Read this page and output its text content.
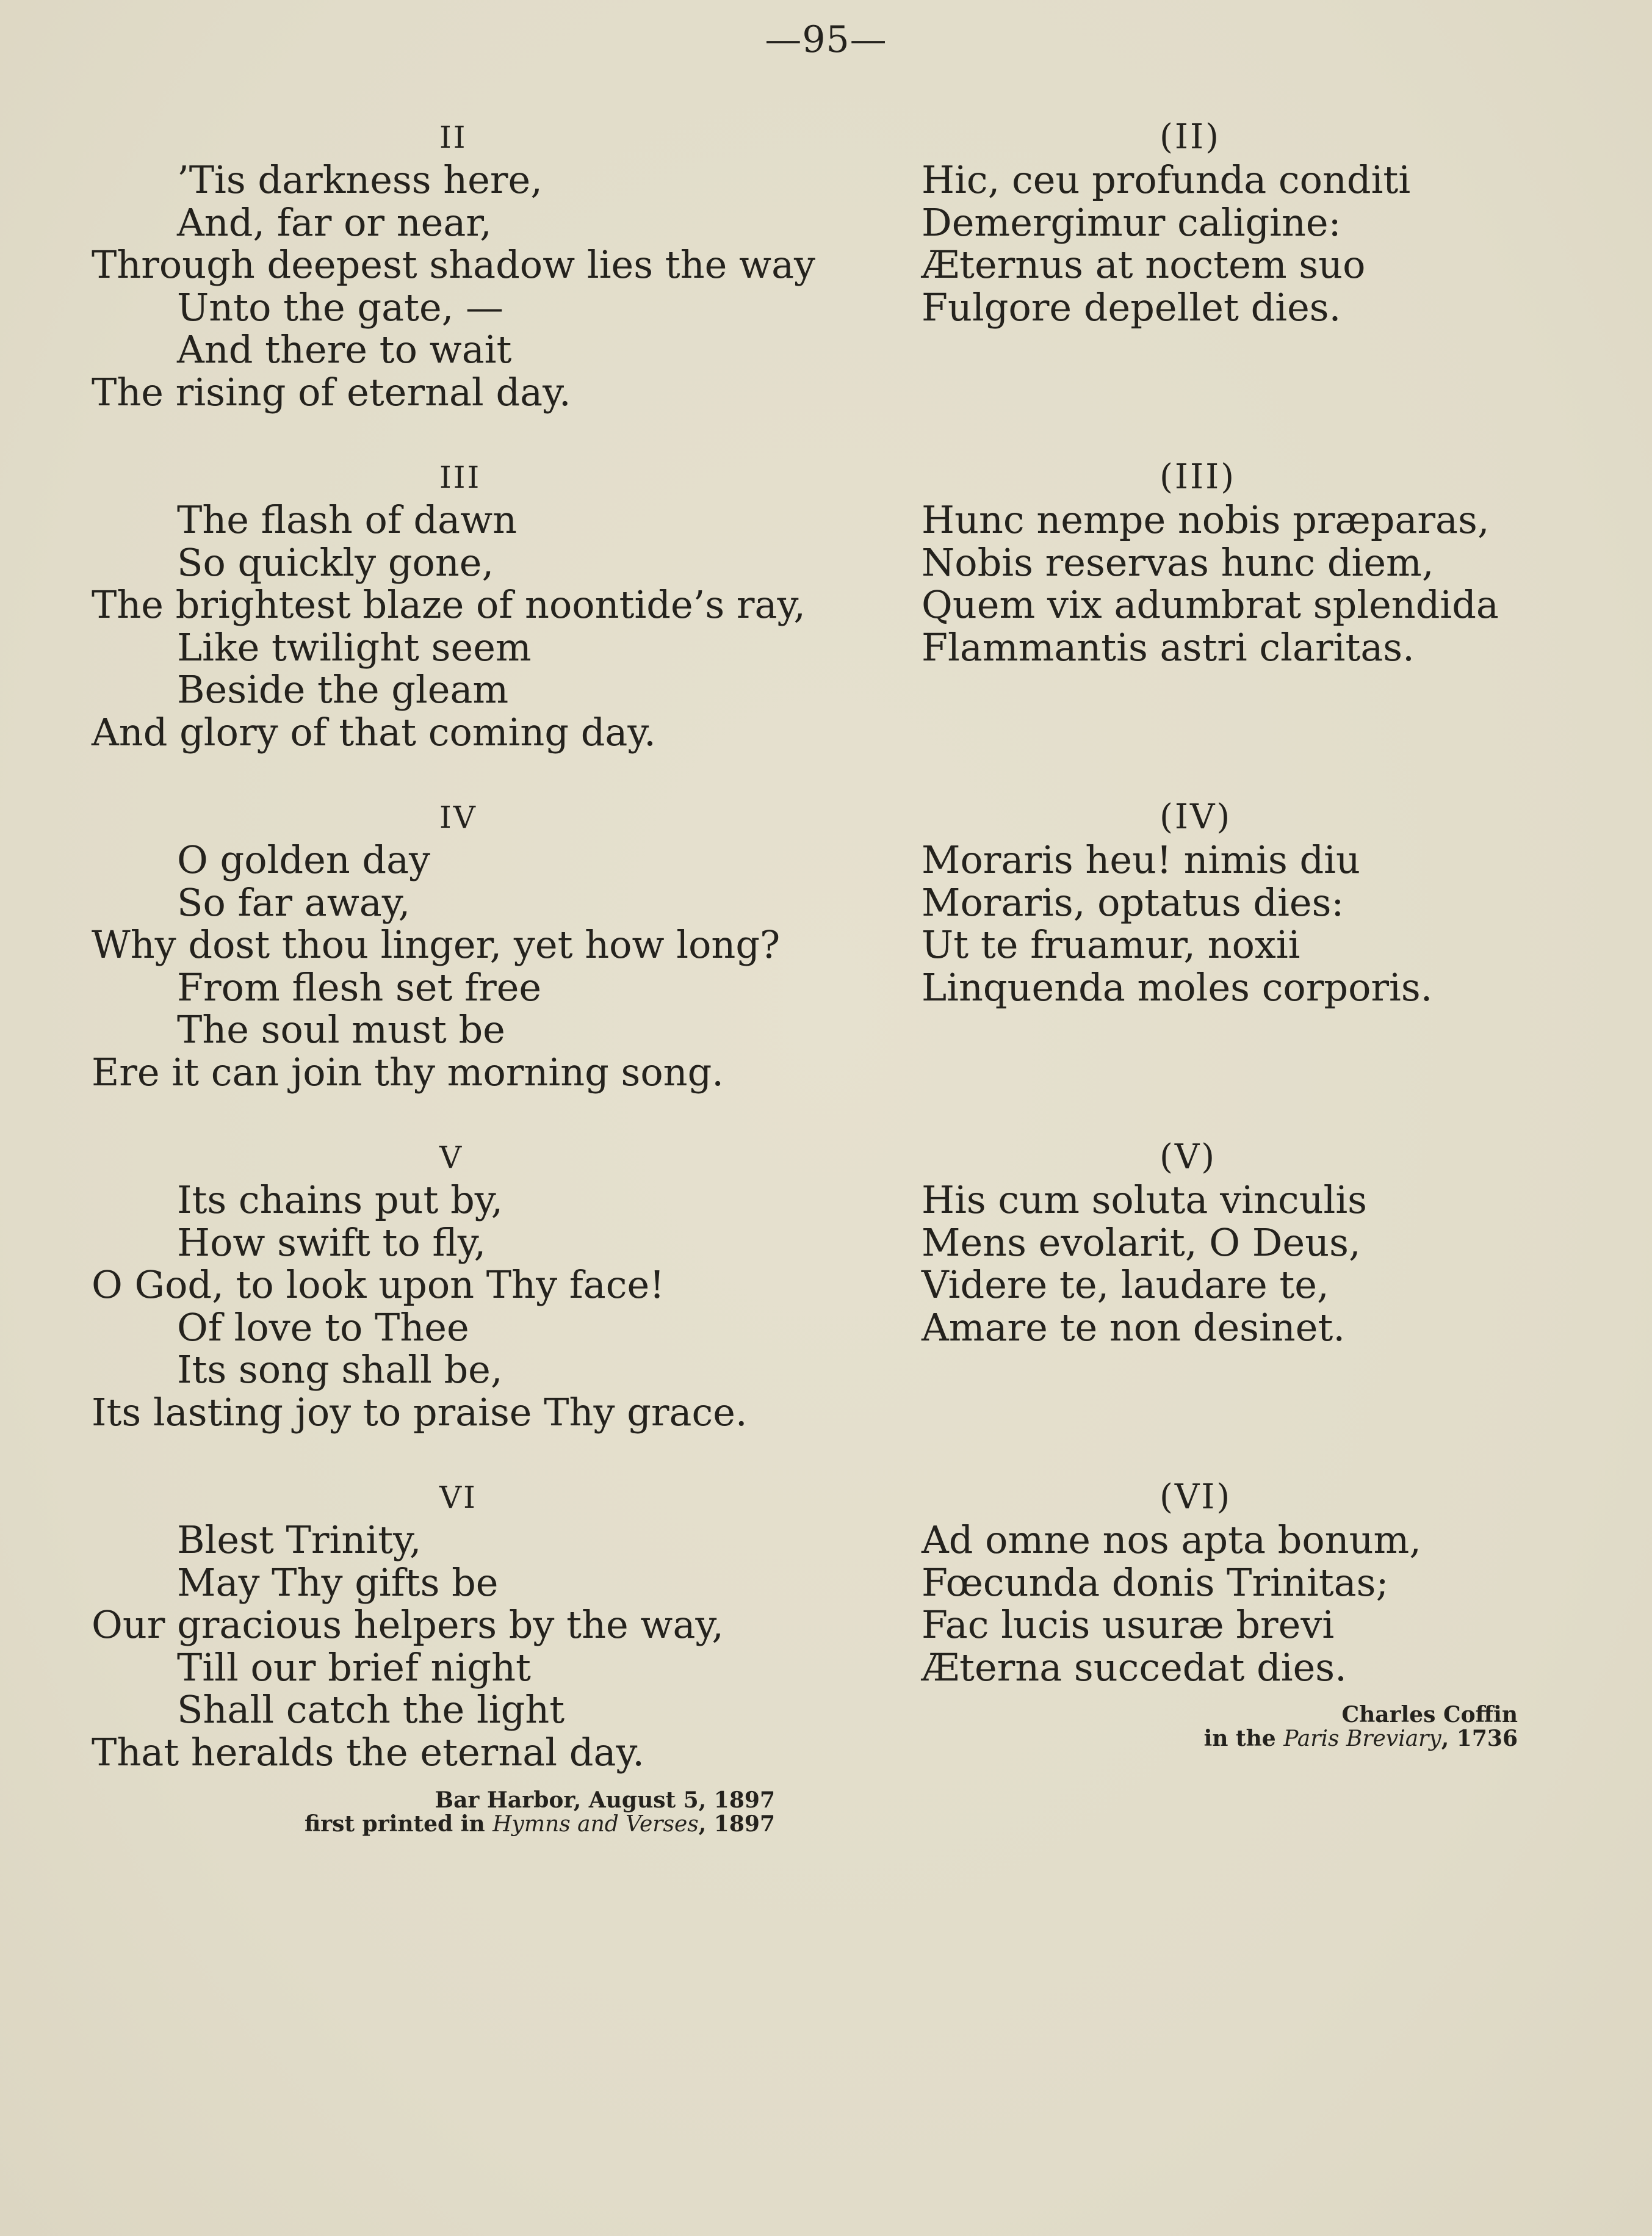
—95—
II
’Tis darkness here,
And, far or near,
Through deepest shadow lies the way
Unto the gate, —
And there to wait
The rising of eternal day.
III
The flash of dawn
So quickly gone,
The brightest blaze of noontide’s ray,
Like twilight seem
Beside the gleam
And glory of that coming day.
IV
O golden day
So far away,
Why dost thou linger, yet how long?
From flesh set free
The soul must be
Ere it can join thy morning song.
V
Its chains put by,
How swift to fly,
O God, to look upon Thy face!
Of love to Thee
Its song shall be,
Its lasting joy to praise Thy grace.
VI
Blest Trinity,
May Thy gifts be
Our gracious helpers by the way,
Till our brief night
Shall catch the light
That heralds the eternal day.
Bar Harbor, August 5, 1897
first printed in Hymns and Verses, 1897
(II)
Hic, ceu profunda conditi
Demergimur caligine:
Æternus at noctem suo
Fulgore depellet dies.
(III)
Hunc nempe nobis præparas,
Nobis reservas hunc diem,
Quem vix adumbrat splendida
Flammantis astri claritas.
(IV)
Moraris heu! nimis diu
Moraris, optatus dies:
Ut te fruamur, noxii
Linquenda moles corporis.
(V)
His cum soluta vinculis
Mens evolarit, O Deus,
Videre te, laudare te,
Amare te non desinet.
(VI)
Ad omne nos apta bonum,
Fœcunda donis Trinitas;
Fac lucis usuræ brevi
Æterna succedat dies.
Charles Coffin
in the Paris Breviary, 1736
